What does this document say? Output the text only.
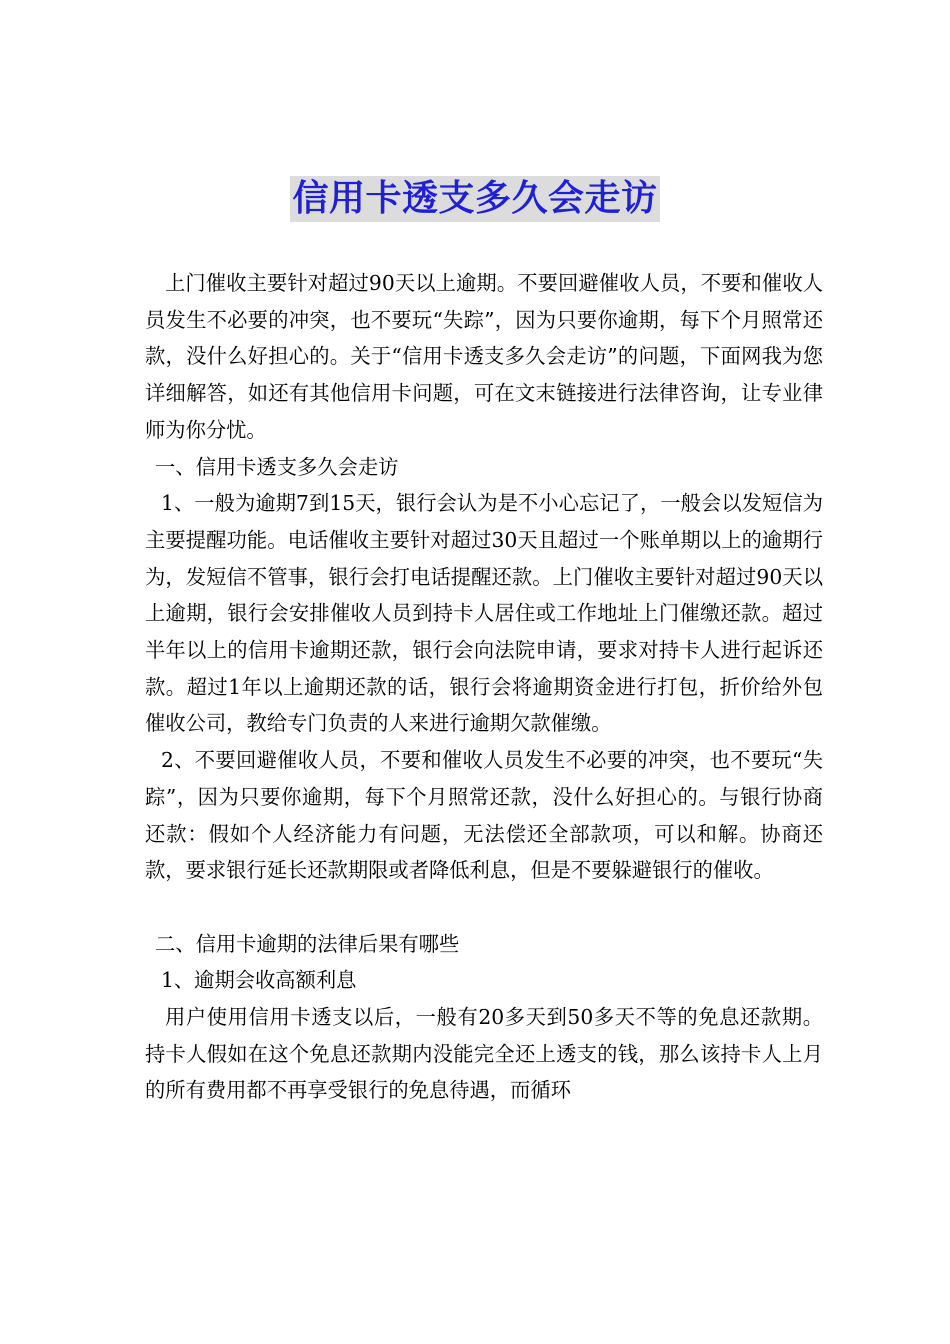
信用卡透支多久会走访

上门催收主要针对超过90天以上逾期。不要回避催收人员，不要和催收人员发生不必要的冲突，也不要玩“失踪”，因为只要你逾期，每下个月照常还款，没什么好担心的。关于“信用卡透支多久会走访”的问题，下面网我为您详细解答，如还有其他信用卡问题，可在文末链接进行法律咨询，让专业律师为你分忧。

一、信用卡透支多久会走访

1、一般为逾期7到15天，银行会认为是不小心忘记了，一般会以发短信为主要提醒功能。电话催收主要针对超过30天且超过一个账单期以上的逾期行为，发短信不管事，银行会打电话提醒还款。上门催收主要针对超过90天以上逾期，银行会安排催收人员到持卡人居住或工作地址上门催缴还款。超过半年以上的信用卡逾期还款，银行会向法院申请，要求对持卡人进行起诉还款。超过1年以上逾期还款的话，银行会将逾期资金进行打包，折价给外包催收公司，教给专门负责的人来进行逾期欠款催缴。

2、不要回避催收人员，不要和催收人员发生不必要的冲突，也不要玩“失踪”，因为只要你逾期，每下个月照常还款，没什么好担心的。与银行协商还款：假如个人经济能力有问题，无法偿还全部款项，可以和解。协商还款，要求银行延长还款期限或者降低利息，但是不要躲避银行的催收。

二、信用卡逾期的法律后果有哪些

1、逾期会收高额利息

用户使用信用卡透支以后，一般有20多天到50多天不等的免息还款期。持卡人假如在这个免息还款期内没能完全还上透支的钱，那么该持卡人上月的所有费用都不再享受银行的免息待遇，而循环
